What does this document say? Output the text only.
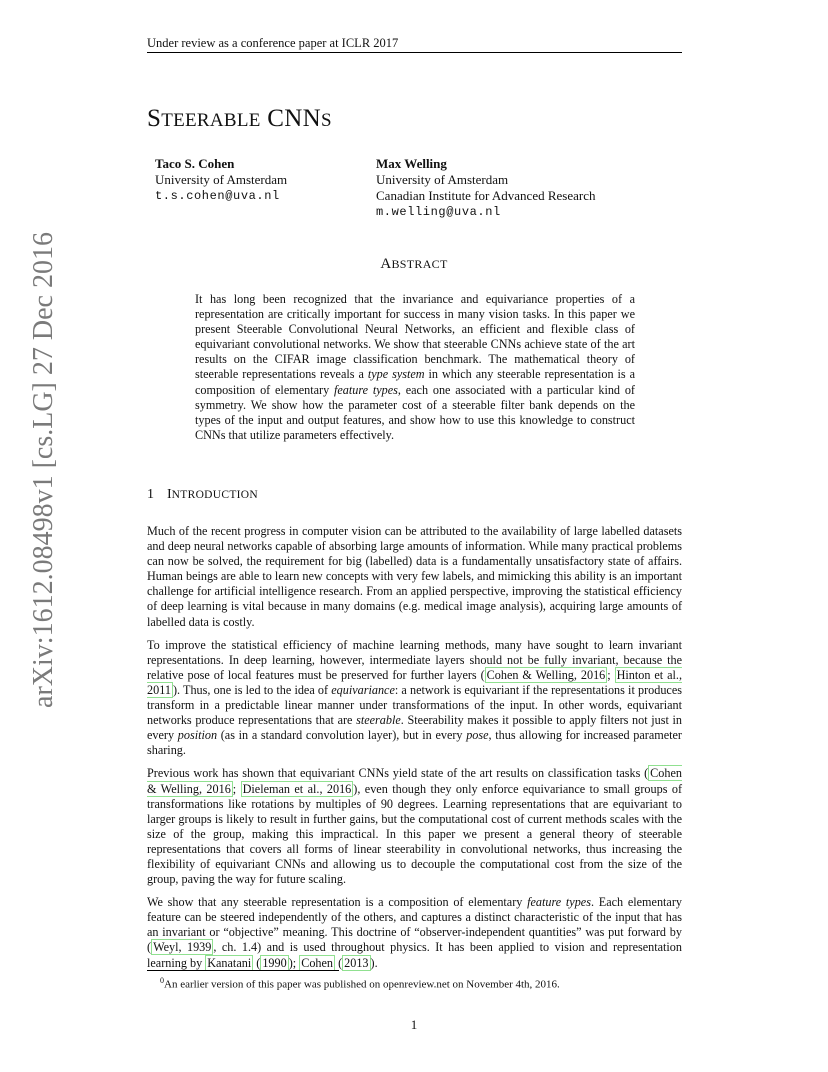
Under review as a conference paper at ICLR 2017
arXiv:1612.08498v1 [cs.LG] 27 Dec 2016
STEERABLE CNNS
Taco S. Cohen
University of Amsterdam
t.s.cohen@uva.nl
Max Welling
University of Amsterdam
Canadian Institute for Advanced Research
m.welling@uva.nl
ABSTRACT

It has long been recognized that the invariance and equivariance properties of a representation are critically important for success in many vision tasks. In this paper we present Steerable Convolutional Neural Networks, an efficient and flexible class of equivariant convolutional networks. We show that steerable CNNs achieve state of the art results on the CIFAR image classification benchmark. The mathematical theory of steerable representations reveals a type system in which any steerable representation is a composition of elementary feature types, each one associated with a particular kind of symmetry. We show how the parameter cost of a steerable filter bank depends on the types of the input and output features, and show how to use this knowledge to construct CNNs that utilize parameters effectively.

1 INTRODUCTION

Much of the recent progress in computer vision can be attributed to the availability of large labelled datasets and deep neural networks capable of absorbing large amounts of information. While many practical problems can now be solved, the requirement for big (labelled) data is a fundamentally unsatisfactory state of affairs. Human beings are able to learn new concepts with very few labels, and mimicking this ability is an important challenge for artificial intelligence research. From an applied perspective, improving the statistical efficiency of deep learning is vital because in many domains (e.g. medical image analysis), acquiring large amounts of labelled data is costly.

To improve the statistical efficiency of machine learning methods, many have sought to learn invariant representations. In deep learning, however, intermediate layers should not be fully invariant, because the relative pose of local features must be preserved for further layers ( Cohen & Welling, 2016 ; Hinton et al., 2011 ). Thus, one is led to the idea of equivariance: a network is equivariant if the representations it produces transform in a predictable linear manner under transformations of the input. In other words, equivariant networks produce representations that are steerable. Steerability makes it possible to apply filters not just in every position (as in a standard convolution layer), but in every pose, thus allowing for increased parameter sharing.

Previous work has shown that equivariant CNNs yield state of the art results on classification tasks ( Cohen & Welling, 2016 ; Dieleman et al., 2016 ), even though they only enforce equivariance to small groups of transformations like rotations by multiples of 90 degrees. Learning representations that are equivariant to larger groups is likely to result in further gains, but the computational cost of current methods scales with the size of the group, making this impractical. In this paper we present a general theory of steerable representations that covers all forms of linear steerability in convolutional networks, thus increasing the flexibility of equivariant CNNs and allowing us to decouple the computational cost from the size of the group, paving the way for future scaling.

We show that any steerable representation is a composition of elementary feature types. Each elementary feature can be steered independently of the others, and captures a distinct characteristic of the input that has an invariant or “objective” meaning. This doctrine of “observer-independent quantities” was put forward by ( Weyl, 1939 , ch. 1.4) and is used throughout physics. It has been applied to vision and representation learning by Kanatani ( 1990 ); Cohen ( 2013 ).

$^0$An earlier version of this paper was published on openreview.net on November 4th, 2016.
1
